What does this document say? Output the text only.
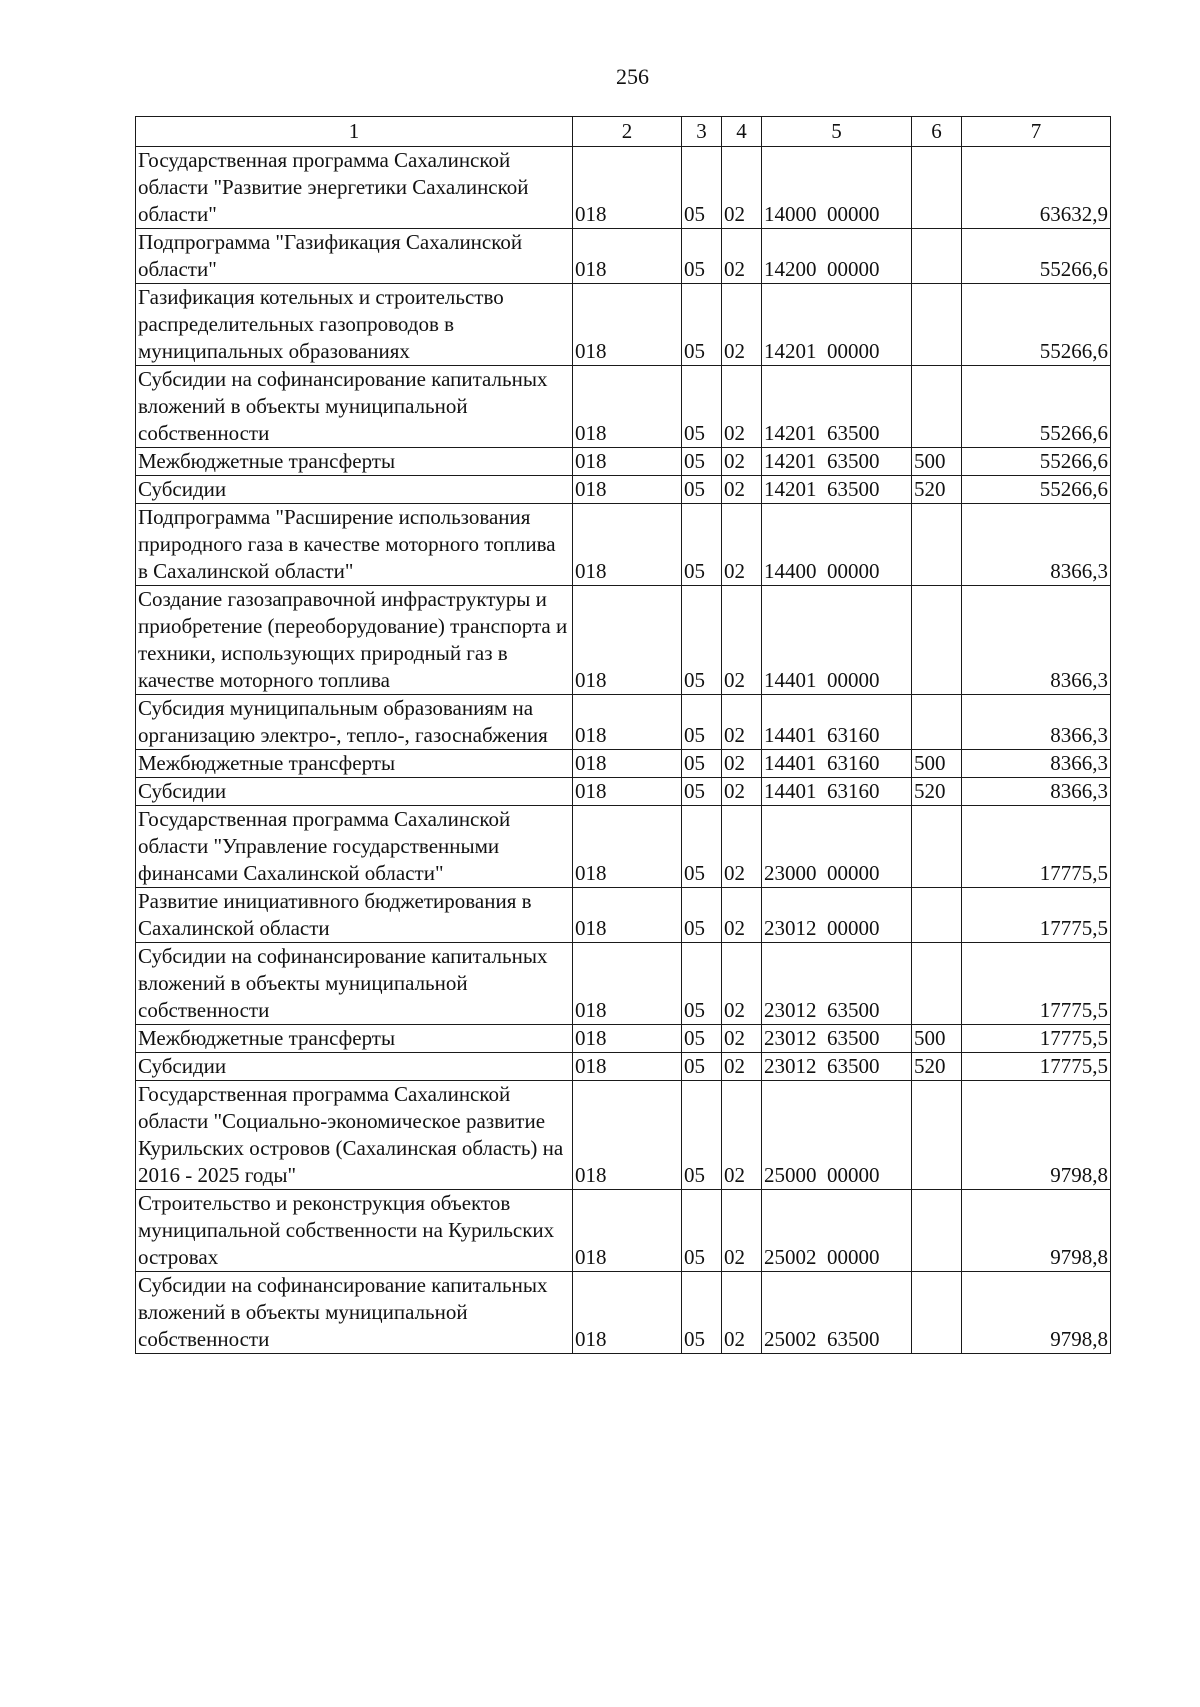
256
1	2	3	4	5	6	7
Государственная программа Сахалинской области "Развитие энергетики Сахалинской области"	018	05	02	14000  00000		63632,9
Подпрограмма "Газификация Сахалинской области"	018	05	02	14200  00000		55266,6
Газификация котельных и строительство распределительных газопроводов в муниципальных образованиях	018	05	02	14201  00000		55266,6
Субсидии на софинансирование капитальных вложений в объекты муниципальной собственности	018	05	02	14201  63500		55266,6
Межбюджетные трансферты	018	05	02	14201  63500	500	55266,6
Субсидии	018	05	02	14201  63500	520	55266,6
Подпрограмма "Расширение использования природного газа в качестве моторного топлива в Сахалинской области"	018	05	02	14400  00000		8366,3
Создание газозаправочной инфраструктуры и приобретение (переоборудование) транспорта и техники, использующих природный газ в качестве моторного топлива	018	05	02	14401  00000		8366,3
Субсидия муниципальным образованиям на организацию электро-, тепло-, газоснабжения	018	05	02	14401  63160		8366,3
Межбюджетные трансферты	018	05	02	14401  63160	500	8366,3
Субсидии	018	05	02	14401  63160	520	8366,3
Государственная программа Сахалинской области "Управление государственными финансами Сахалинской области"	018	05	02	23000  00000		17775,5
Развитие инициативного бюджетирования в Сахалинской области	018	05	02	23012  00000		17775,5
Субсидии на софинансирование капитальных вложений в объекты муниципальной собственности	018	05	02	23012  63500		17775,5
Межбюджетные трансферты	018	05	02	23012  63500	500	17775,5
Субсидии	018	05	02	23012  63500	520	17775,5
Государственная программа Сахалинской области "Социально-экономическое развитие Курильских островов (Сахалинская область) на 2016 - 2025 годы"	018	05	02	25000  00000		9798,8
Строительство и реконструкция объектов муниципальной собственности на Курильских островах	018	05	02	25002  00000		9798,8
Субсидии на софинансирование капитальных вложений в объекты муниципальной собственности	018	05	02	25002  63500		9798,8
